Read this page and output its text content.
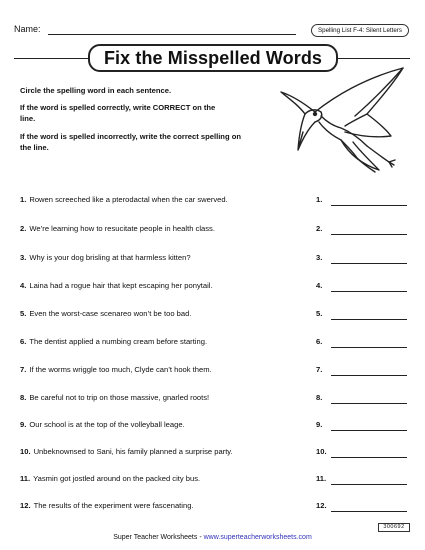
Name:	Spelling List F-4: Silent Letters
Fix the Misspelled Words
Circle the spelling word in each sentence.
If the word is spelled correctly, write CORRECT on the line.
If the word is spelled incorrectly, write the correct spelling on the line.
1. Rowen screeched like a pterodactal when the car swerved.	1.
2. We’re learning how to resucitate people in health class.	2.
3. Why is your dog brisling at that harmless kitten?	3.
4. Laina had a rogue hair that kept escaping her ponytail.	4.
5. Even the worst-case scenareo won’t be too bad.	5.
6. The dentist applied a numbing cream before starting.	6.
7. If the worms wriggle too much, Clyde can’t hook them.	7.
8. Be careful not to trip on those massive, gnarled roots!	8.
9. Our school is at the top of the volleyball leage.	9.
10. Unbeknownsed to Sani, his family planned a surprise party.	10.
11. Yasmin got jostled around on the packed city bus.	11.
12. The results of the experiment were fascenating.	12.
300692
Super Teacher Worksheets - www.superteacherworksheets.com
